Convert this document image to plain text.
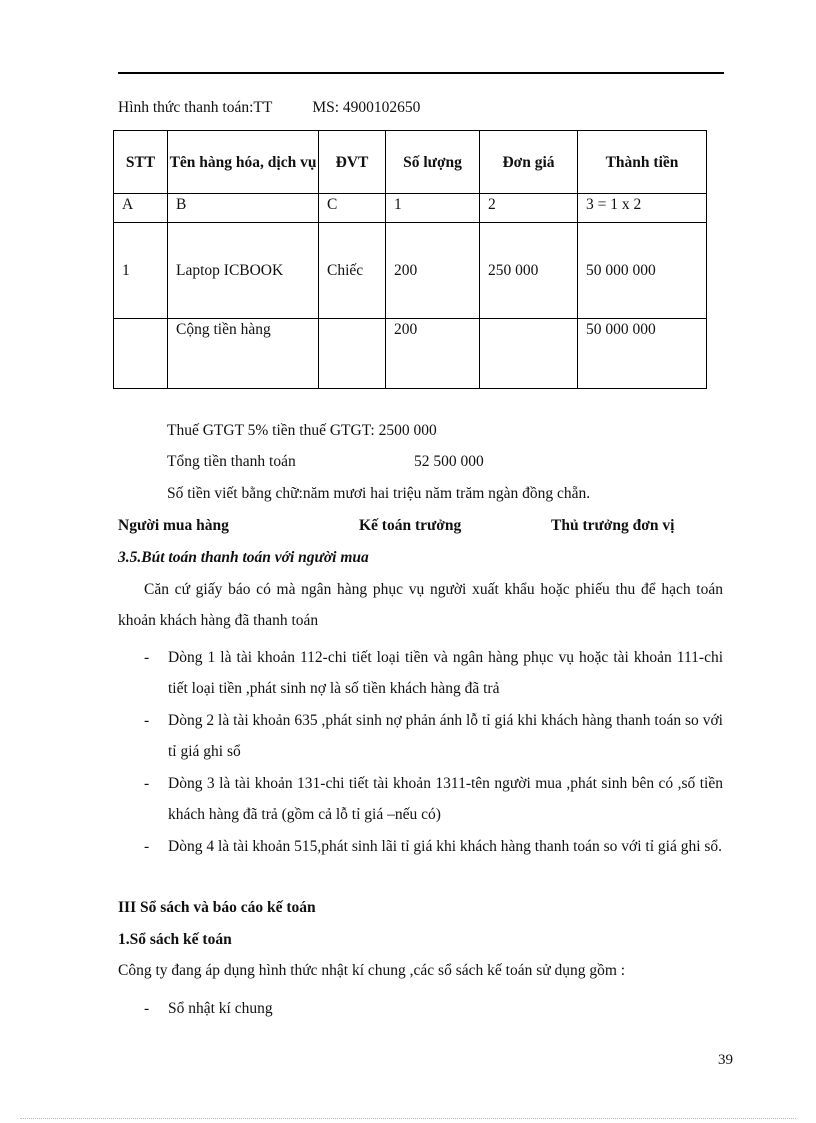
Hình thức thanh toán:TT	MS: 4900102650
STT	Tên hàng hóa, dịch vụ	ĐVT	Số lượng	Đơn giá	Thành tiền
A	B	C	1	2	3 = 1 x 2
1	Laptop ICBOOK	Chiếc	200	250 000	50 000 000
	Cộng tiền hàng		200		50 000 000
Thuế GTGT 5% tiền thuế GTGT: 2500 000
Tổng tiền thanh toán	52 500 000
Số tiền viết bằng chữ:năm mươi hai triệu năm trăm ngàn đồng chẵn.
Người mua hàng	Kế toán trưởng	Thủ trưởng đơn vị
3.5.Bút toán thanh toán với người mua
Căn cứ giấy báo có mà ngân hàng phục vụ người xuất khẩu hoặc phiếu thu để hạch toán khoản khách hàng đã thanh toán
- Dòng 1 là tài khoản 112-chi tiết loại tiền và ngân hàng phục vụ hoặc tài khoản 111-chi tiết loại tiền ,phát sinh nợ là số tiền khách hàng đã trả
- Dòng 2 là tài khoản 635 ,phát sinh nợ phản ánh lỗ tỉ giá khi khách hàng thanh toán so với tỉ giá ghi sổ
- Dòng 3 là tài khoản 131-chi tiết tài khoản 1311-tên người mua ,phát sinh bên có ,số tiền khách hàng đã trả (gồm cả lỗ tỉ giá –nếu có)
- Dòng 4 là tài khoản 515,phát sinh lãi tỉ giá khi khách hàng thanh toán so với tỉ giá ghi sổ.
III Sổ sách và báo cáo kế toán
1.Sổ sách kế toán
Công ty đang áp dụng hình thức nhật kí chung ,các sổ sách kế toán sử dụng gồm :
- Sổ nhật kí chung
39
